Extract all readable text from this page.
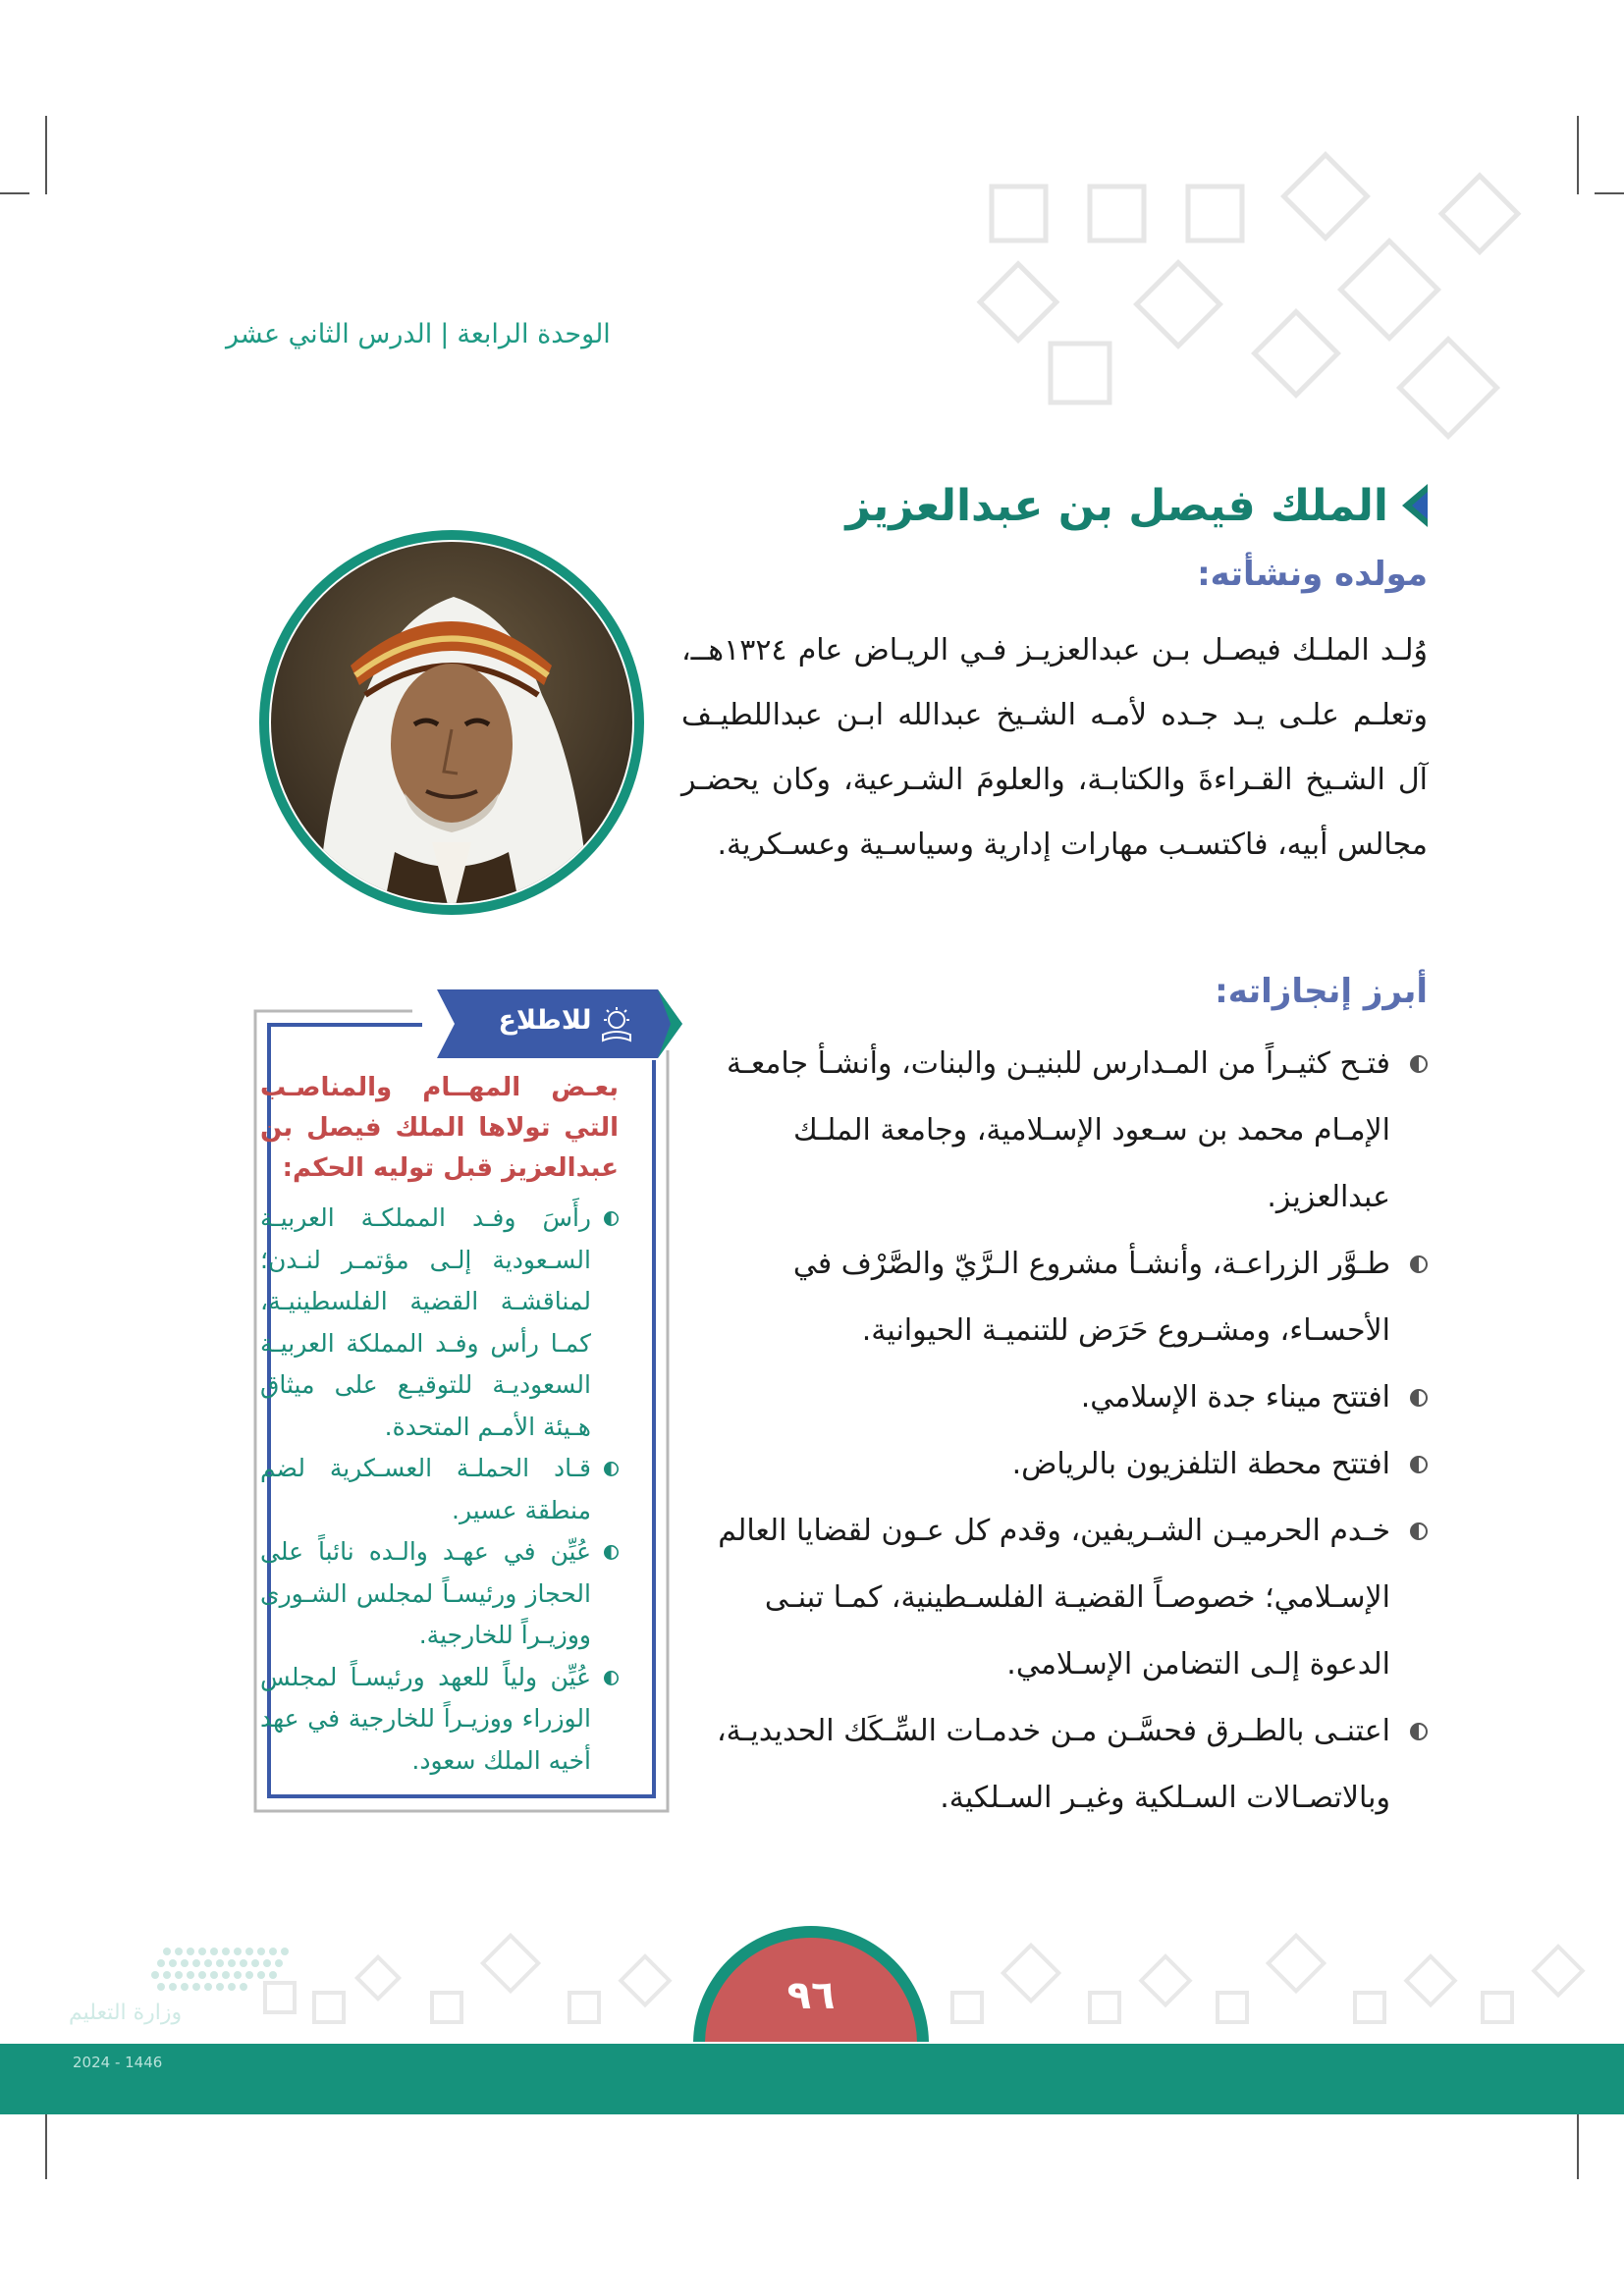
الوحدة الرابعة|الدرس الثاني عشر
الملك فيصل بن عبدالعزيز
مولده ونشأته:
وُلـد الملـك فيصـل بـن عبدالعزيـز فـي الريـاض عام ١٣٢٤هــ، وتعلـم علـى يـد جـده لأمـه الشـيخ عبدالله ابـن عبداللطيـف آل الشـيخ القـراءةَ والكتابـة، والعلومَ الشـرعية، وكان يحضـر مجالس أبيه، فاكتسـب مهارات إدارية وسياسـية وعسـكرية.
أبرز إنجازاته:
فتـح كثيـراً من المـدارس للبنيـن والبنات، وأنشـأ جامعـة الإمـام محمد بن سـعود الإسـلامية، وجامعة الملـك عبدالعزيز.
طـوَّر الزراعـة، وأنشـأ مشروع الـرَّيّ والصَّرْف في الأحسـاء، ومشـروع حَرَض للتنميـة الحيوانية.
افتتح ميناء جدة الإسلامي.
افتتح محطة التلفزيون بالرياض.
خـدم الحرميـن الشـريفين، وقدم كل عـون لقضايا العالم الإسـلامي؛ خصوصـاً القضيـة الفلسـطينية، كمـا تبنـى الدعوة إلـى التضامن الإسـلامي.
اعتنـى بالطـرق فحسَّـن مـن خدمـات السِّـكَك الحديديـة، وبالاتصـالات السـلكية وغيـر السـلكية.
للاطلاع
بعـض المهــام والمناصـب التي تولاها الملك فيصل بن عبدالعزيز قبل توليه الحكم:
رأَسَ وفـد المملكـة العربيـة السـعودية إلـى مؤتمـر لنـدن؛ لمناقشـة القضية الفلسطينيـة، كمـا رأس وفـد المملكة العربيـة السعوديـة للتوقيـع على ميثاق هـيئة الأمـم المتحدة.
قـاد الحملـة العسـكرية لضم منطقة عسير.
عُيِّن في عهـد والـده نائباً على الحجاز ورئيسـاً لمجلس الشـورى ووزيـراً للخارجية.
عُيِّن ولياً للعهد ورئيسـاً لمجلس الوزراء ووزيـراً للخارجية في عهد أخيه الملك سعود.
٩٦
وزارة التعليم
2024 - 1446
